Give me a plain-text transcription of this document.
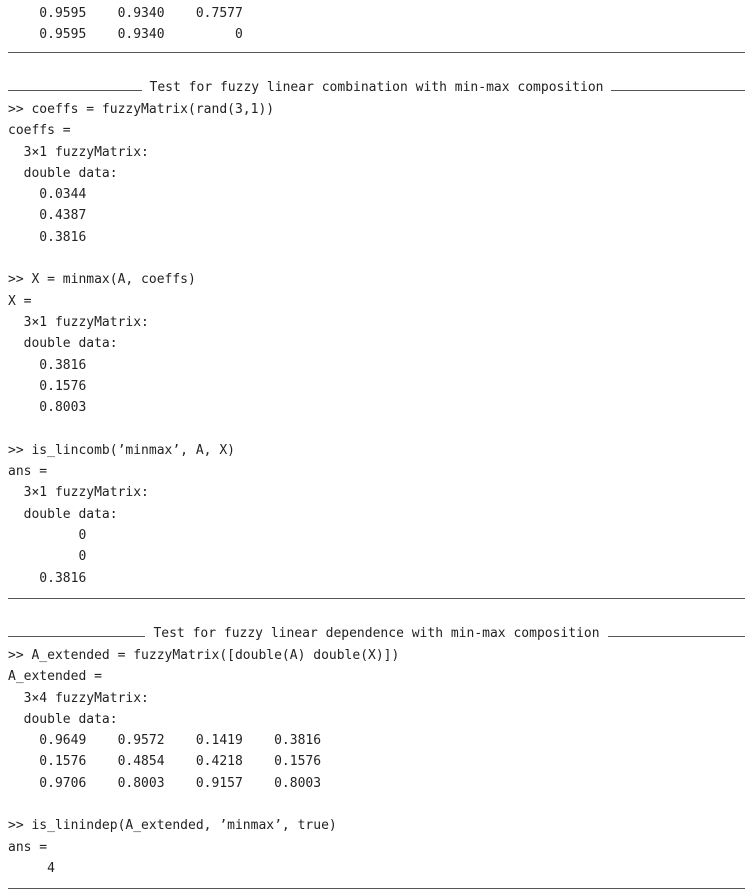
0.9595    0.9340    0.7577
0.9595    0.9340         0
Test for fuzzy linear combination with min-max composition
>> coeffs = fuzzyMatrix(rand(3,1))
coeffs =
3×1 fuzzyMatrix:
double data:
0.0344
0.4387
0.3816
>> X = minmax(A, coeffs)
X =
3×1 fuzzyMatrix:
double data:
0.3816
0.1576
0.8003
>> is_lincomb(’minmax’, A, X)
ans =
3×1 fuzzyMatrix:
double data:
0
0
0.3816
Test for fuzzy linear dependence with min-max composition
>> A_extended = fuzzyMatrix([double(A) double(X)])
A_extended =
3×4 fuzzyMatrix:
double data:
0.9649    0.9572    0.1419    0.3816
0.1576    0.4854    0.4218    0.1576
0.9706    0.8003    0.9157    0.8003
>> is_linindep(A_extended, ’minmax’, true)
ans =
4
